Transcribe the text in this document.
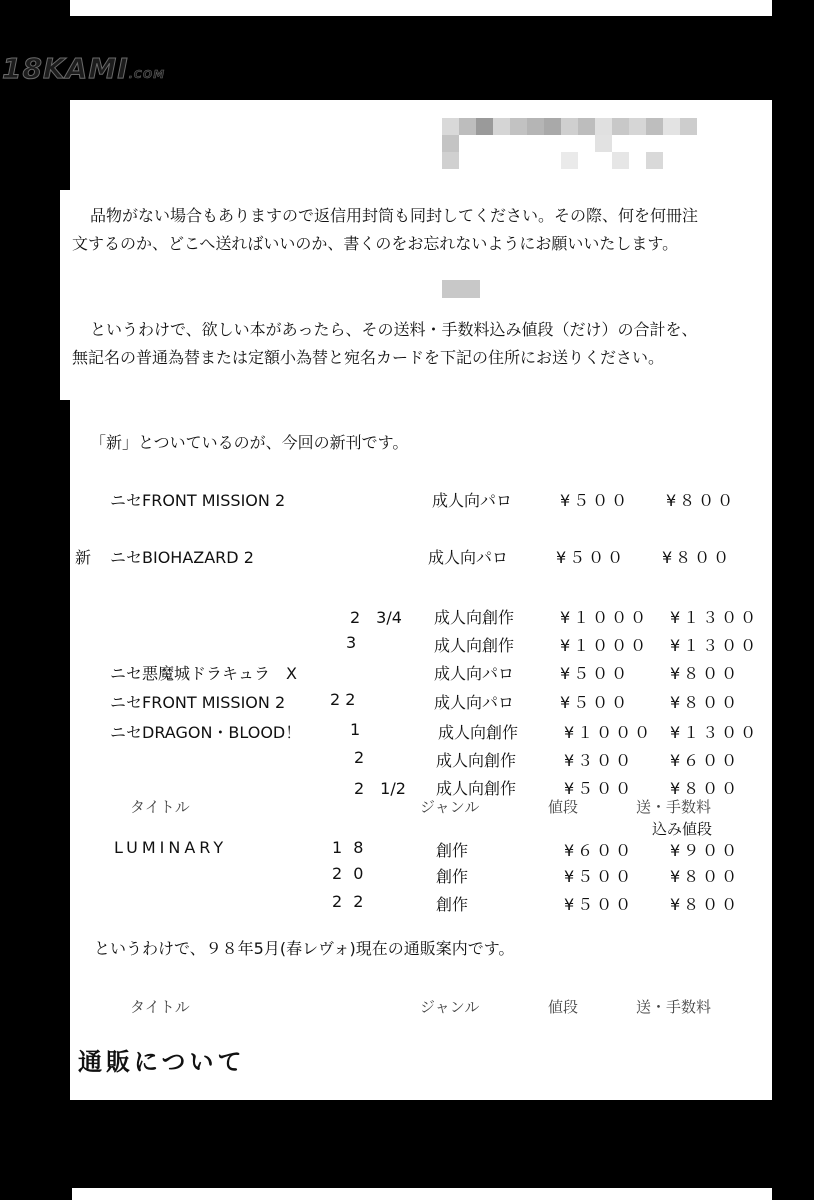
18KAMI.COM
品物がない場合もありますので返信用封筒も同封してください。その際、何を何冊注
文するのか、どこへ送ればいいのか、書くのをお忘れないようにお願いいたします。
というわけで、欲しい本があったら、その送料・手数料込み値段（だけ）の合計を、
無記名の普通為替または定額小為替と宛名カードを下記の住所にお送りください。
「新」とついているのが、今回の新刊です。
ニセFRONT MISSION 2	成人向パロ	¥５００ ¥８００
新 ニセBIOHAZARD 2	成人向パロ	¥５００ ¥８００
2　3/4 成人向創作	¥１０００ ¥１３００
3	成人向創作	¥１０００ ¥１３００
ニセ悪魔城ドラキュラ　X	成人向パロ	¥５００ ¥８００
ニセFRONT MISSION 2	2 2	成人向パロ	¥５００ ¥８００
ニセDRAGON・BLOOD！	1	成人向創作	¥１０００ ¥１３００
2	成人向創作	¥３００ ¥６００
2　1/2 成人向創作	¥５００ ¥８００
タイトル	ジャンル	値段	送・手数料
込み値段
LUMINARY	1 8	創作	¥６００ ¥９００
2 0	創作	¥５００ ¥８００
2 2	創作	¥５００ ¥８００
というわけで、９８年5月(春レヴォ)現在の通販案内です。
タイトル	ジャンル	値段	送・手数料
通販について
